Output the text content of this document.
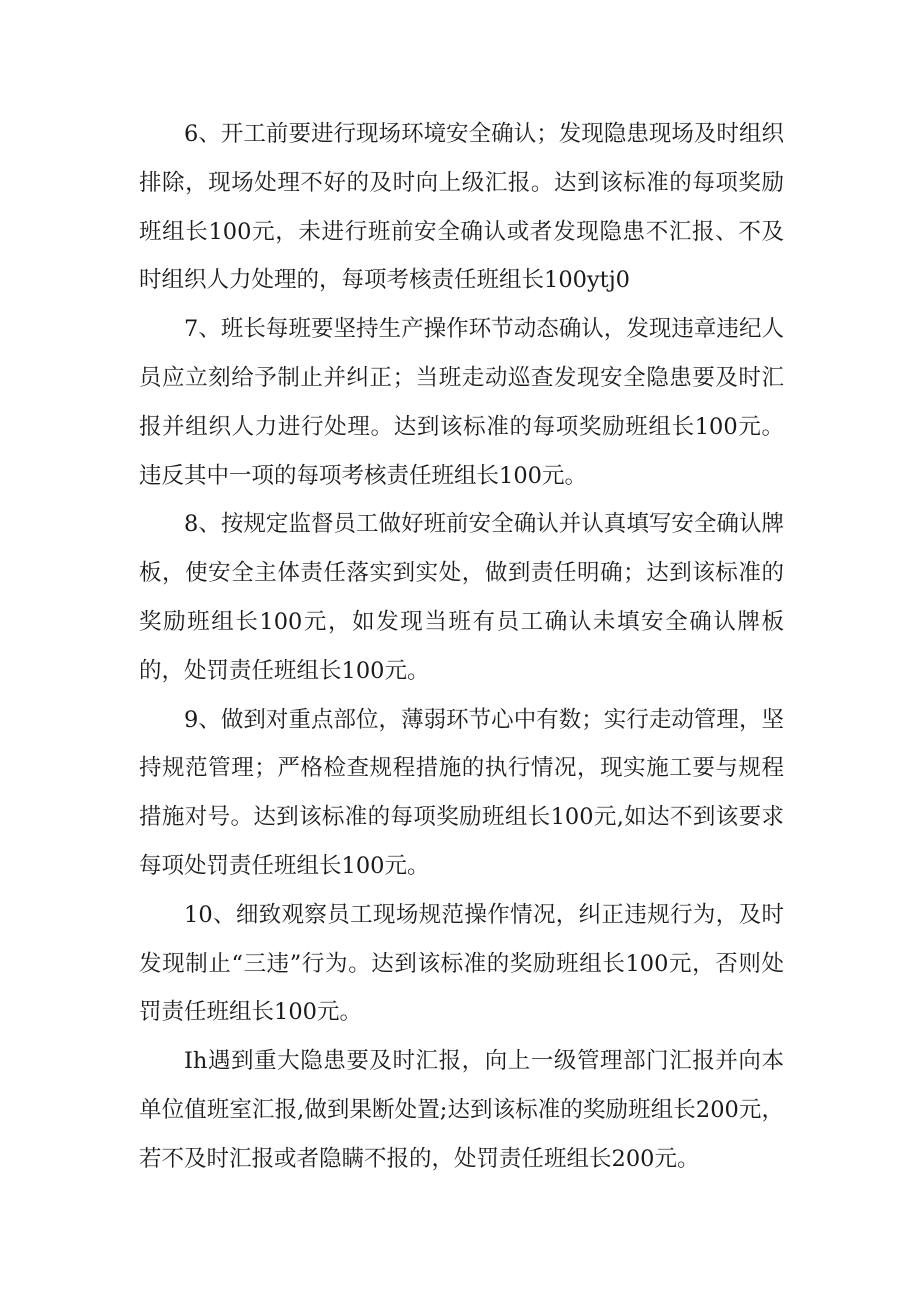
6、开工前要进行现场环境安全确认；发现隐患现场及时组织排除，现场处理不好的及时向上级汇报。达到该标准的每项奖励班组长100元，未进行班前安全确认或者发现隐患不汇报、不及时组织人力处理的，每项考核责任班组长100ytj0

7、班长每班要坚持生产操作环节动态确认，发现违章违纪人员应立刻给予制止并纠正；当班走动巡查发现安全隐患要及时汇报并组织人力进行处理。达到该标准的每项奖励班组长100元。违反其中一项的每项考核责任班组长100元。

8、按规定监督员工做好班前安全确认并认真填写安全确认牌板，使安全主体责任落实到实处，做到责任明确；达到该标准的奖励班组长100元，如发现当班有员工确认未填安全确认牌板的，处罚责任班组长100元。

9、做到对重点部位，薄弱环节心中有数；实行走动管理，坚持规范管理；严格检查规程措施的执行情况，现实施工要与规程措施对号。达到该标准的每项奖励班组长100元,如达不到该要求每项处罚责任班组长100元。

10、细致观察员工现场规范操作情况，纠正违规行为，及时发现制止“三违”行为。达到该标准的奖励班组长100元，否则处罚责任班组长100元。

Ih遇到重大隐患要及时汇报，向上一级管理部门汇报并向本单位值班室汇报,做到果断处置;达到该标准的奖励班组长200元，若不及时汇报或者隐瞒不报的，处罚责任班组长200元。
